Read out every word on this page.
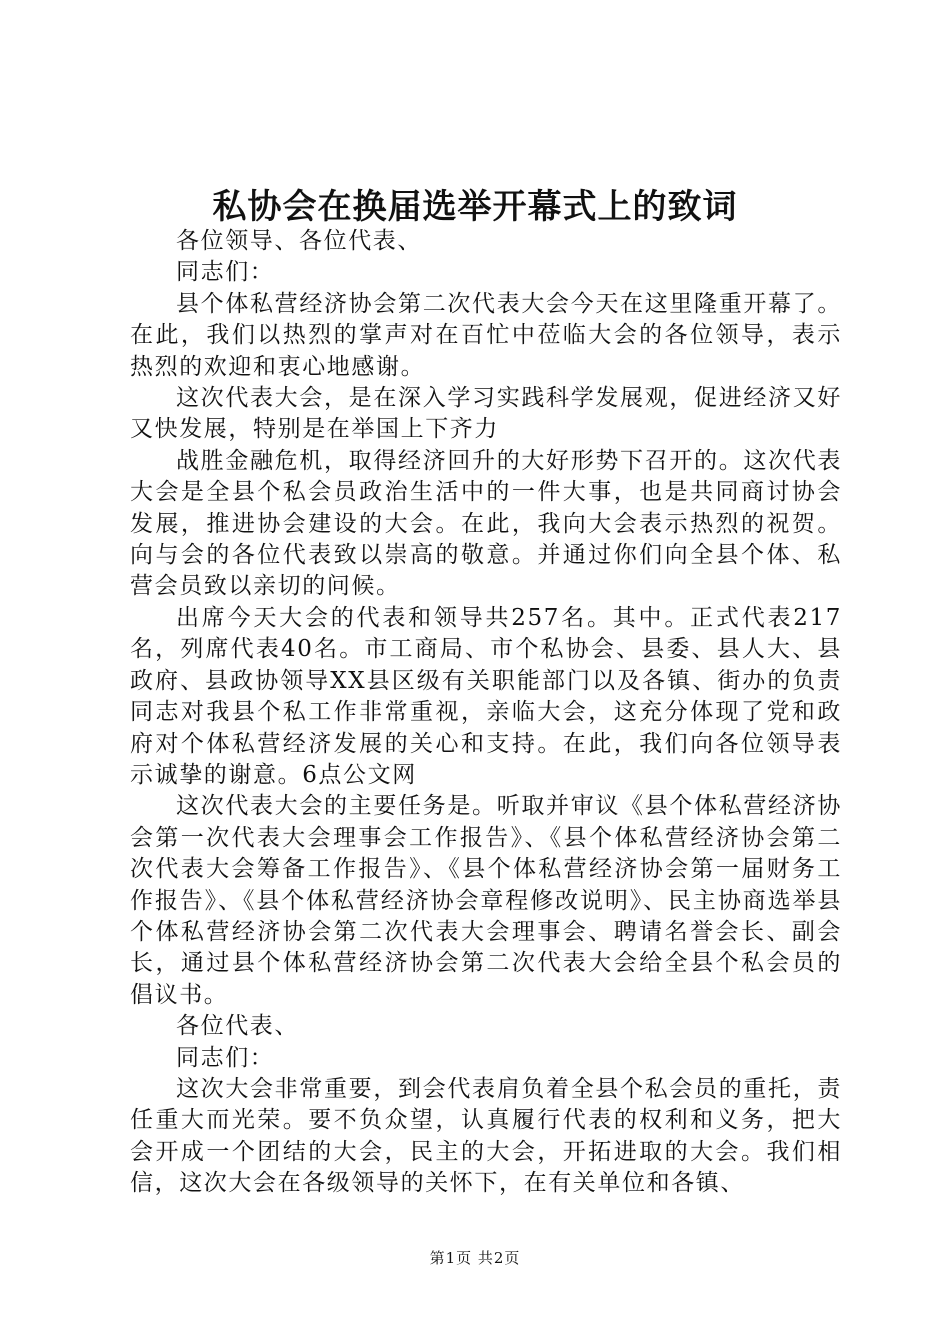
私协会在换届选举开幕式上的致词

各位领导、各位代表、

同志们：

县个体私营经济协会第二次代表大会今天在这里隆重开幕了。在此，我们以热烈的掌声对在百忙中莅临大会的各位领导，表示热烈的欢迎和衷心地感谢。

这次代表大会，是在深入学习实践科学发展观，促进经济又好又快发展，特别是在举国上下齐力

战胜金融危机，取得经济回升的大好形势下召开的。这次代表大会是全县个私会员政治生活中的一件大事，也是共同商讨协会发展，推进协会建设的大会。在此，我向大会表示热烈的祝贺。向与会的各位代表致以崇高的敬意。并通过你们向全县个体、私营会员致以亲切的问候。

出席今天大会的代表和领导共257名。其中。正式代表217名，列席代表40名。市工商局、市个私协会、县委、县人大、县政府、县政协领导XX县区级有关职能部门以及各镇、街办的负责同志对我县个私工作非常重视，亲临大会，这充分体现了党和政府对个体私营经济发展的关心和支持。在此，我们向各位领导表示诚挚的谢意。6点公文网

这次代表大会的主要任务是。听取并审议《县个体私营经济协会第一次代表大会理事会工作报告》、《县个体私营经济协会第二次代表大会筹备工作报告》、《县个体私营经济协会第一届财务工作报告》、《县个体私营经济协会章程修改说明》、民主协商选举县个体私营经济协会第二次代表大会理事会、聘请名誉会长、副会长，通过县个体私营经济协会第二次代表大会给全县个私会员的倡议书。

各位代表、

同志们：

这次大会非常重要，到会代表肩负着全县个私会员的重托，责任重大而光荣。要不负众望，认真履行代表的权利和义务，把大会开成一个团结的大会，民主的大会，开拓进取的大会。我们相信，这次大会在各级领导的关怀下，在有关单位和各镇、

第1页 共2页
